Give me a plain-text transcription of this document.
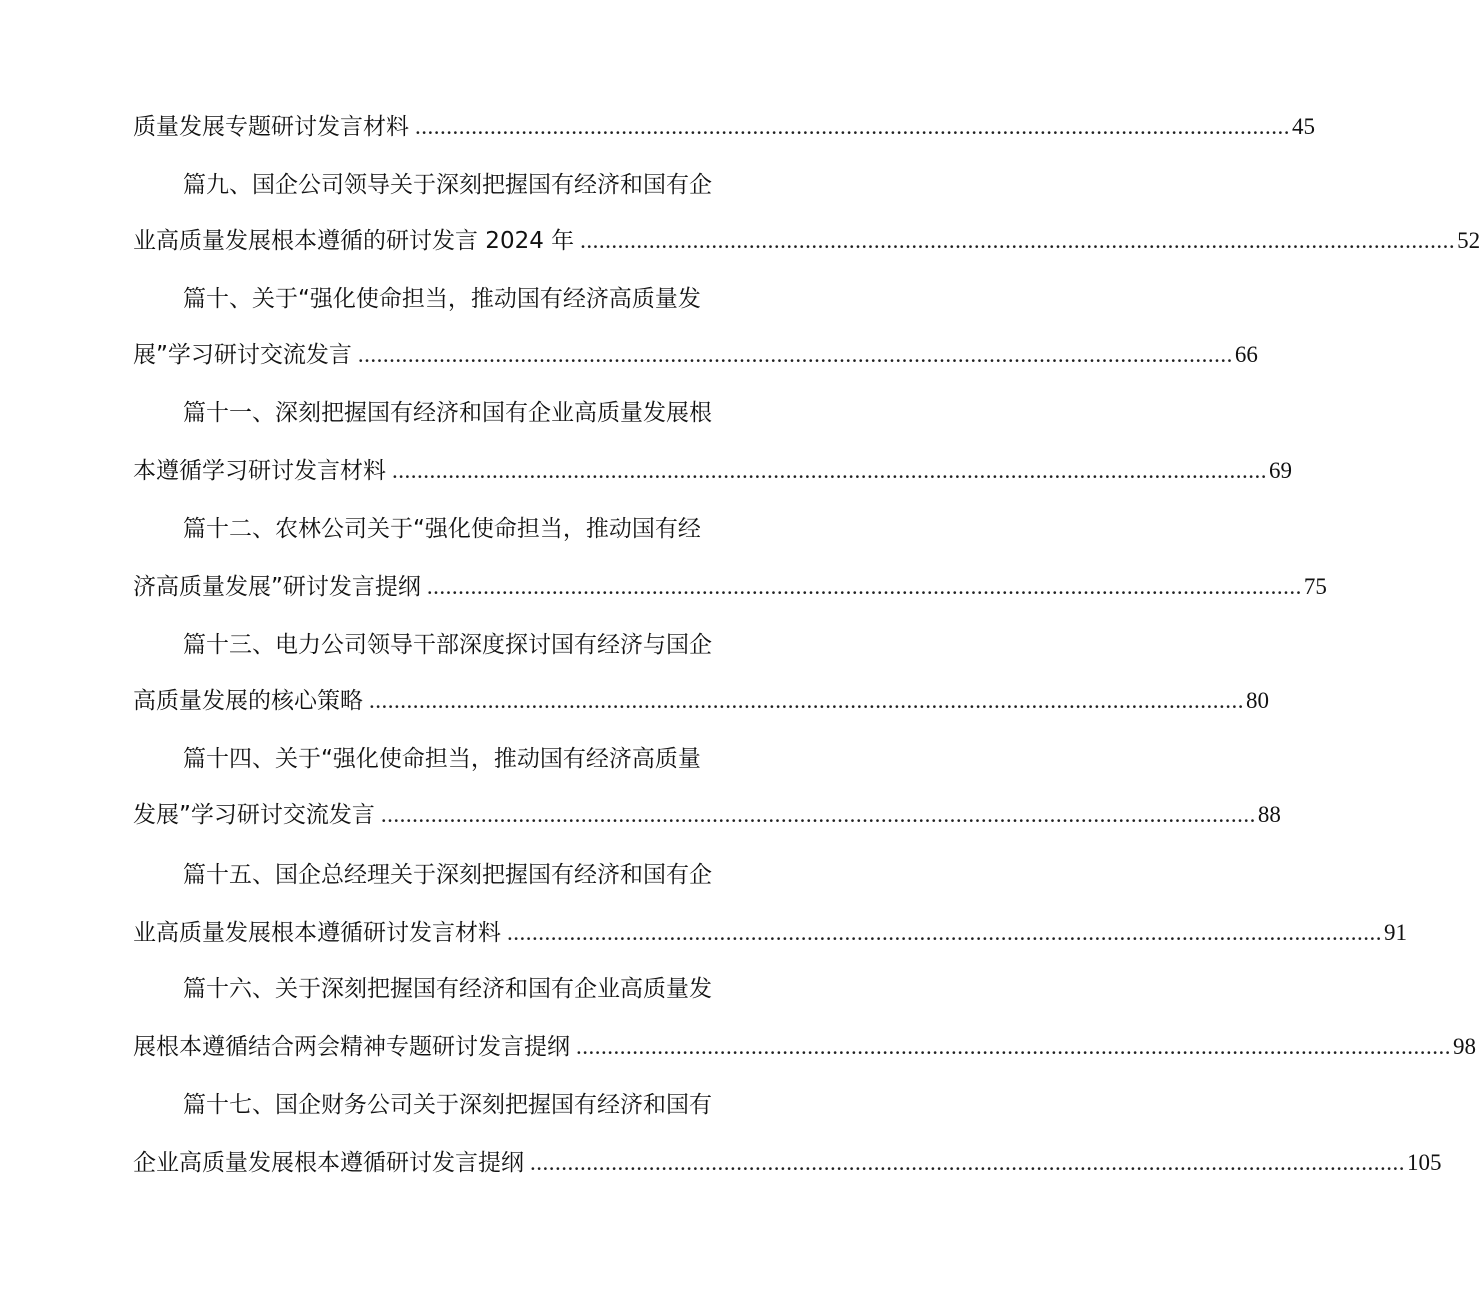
质量发展专题研讨发言材料 ............................................................................................................................................ 45
篇九、国企公司领导关于深刻把握国有经济和国有企
业高质量发展根本遵循的研讨发言 2024 年 ............................................................................................................................................ 52
篇十、关于“强化使命担当，推动国有经济高质量发
展”学习研讨交流发言 ............................................................................................................................................ 66
篇十一、深刻把握国有经济和国有企业高质量发展根
本遵循学习研讨发言材料 ............................................................................................................................................ 69
篇十二、农林公司关于“强化使命担当，推动国有经
济高质量发展”研讨发言提纲 ............................................................................................................................................ 75
篇十三、电力公司领导干部深度探讨国有经济与国企
高质量发展的核心策略 ............................................................................................................................................ 80
篇十四、关于“强化使命担当，推动国有经济高质量
发展”学习研讨交流发言 ............................................................................................................................................ 88
篇十五、国企总经理关于深刻把握国有经济和国有企
业高质量发展根本遵循研讨发言材料 ............................................................................................................................................ 91
篇十六、关于深刻把握国有经济和国有企业高质量发
展根本遵循结合两会精神专题研讨发言提纲 ............................................................................................................................................ 98
篇十七、国企财务公司关于深刻把握国有经济和国有
企业高质量发展根本遵循研讨发言提纲 ............................................................................................................................................ 105
